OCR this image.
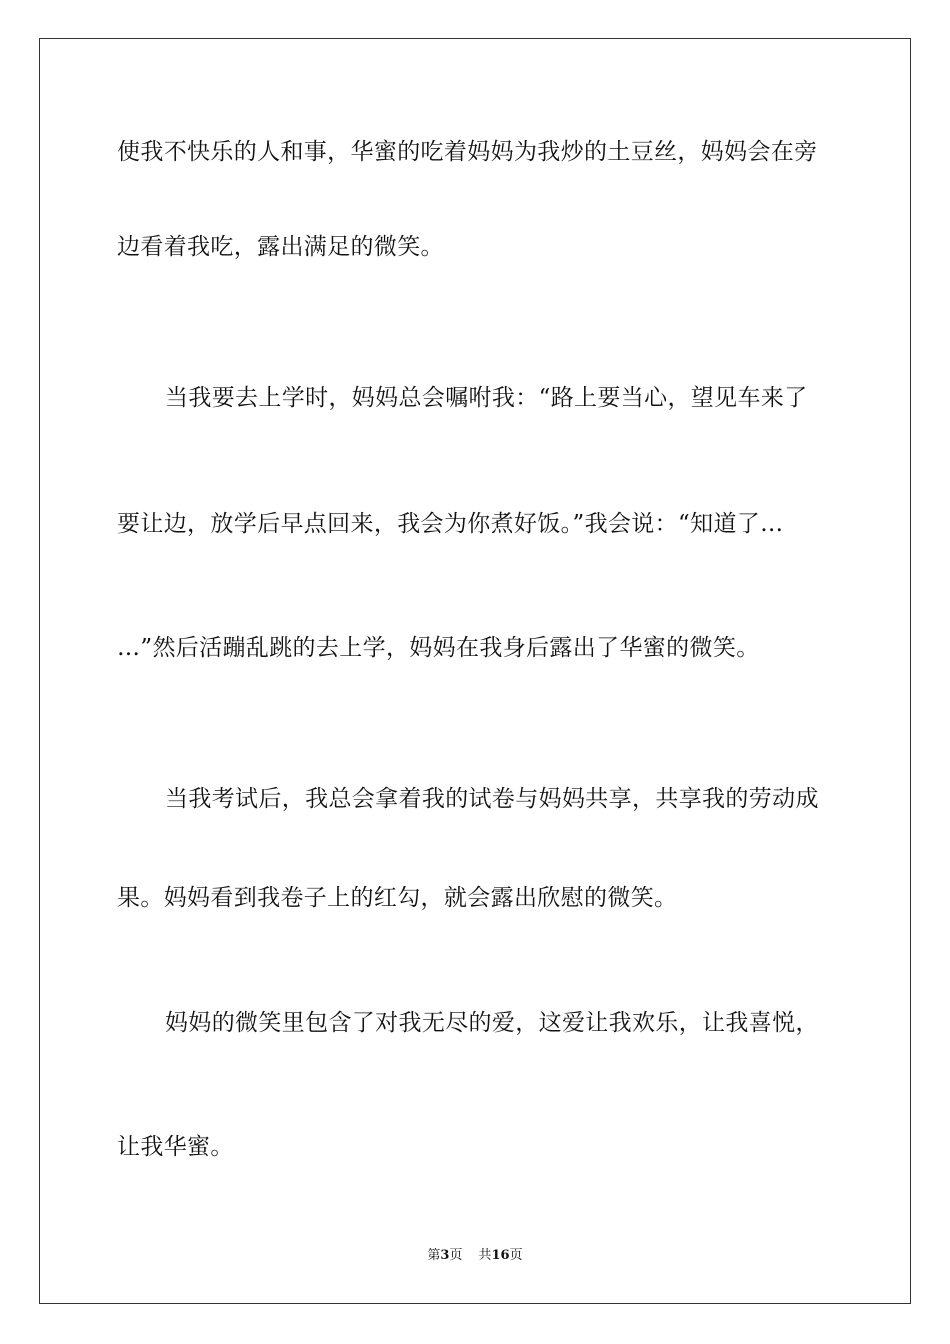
使我不快乐的人和事，华蜜的吃着妈妈为我炒的土豆丝，妈妈会在旁
边看着我吃，露出满足的微笑。
当我要去上学时，妈妈总会嘱咐我：“路上要当心，望见车来了
要让边，放学后早点回来，我会为你煮好饭。”我会说：“知道了…
…”然后活蹦乱跳的去上学，妈妈在我身后露出了华蜜的微笑。
当我考试后，我总会拿着我的试卷与妈妈共享，共享我的劳动成
果。妈妈看到我卷子上的红勾，就会露出欣慰的微笑。
妈妈的微笑里包含了对我无尽的爱，这爱让我欢乐，让我喜悦，
让我华蜜。
第3页 共16页
